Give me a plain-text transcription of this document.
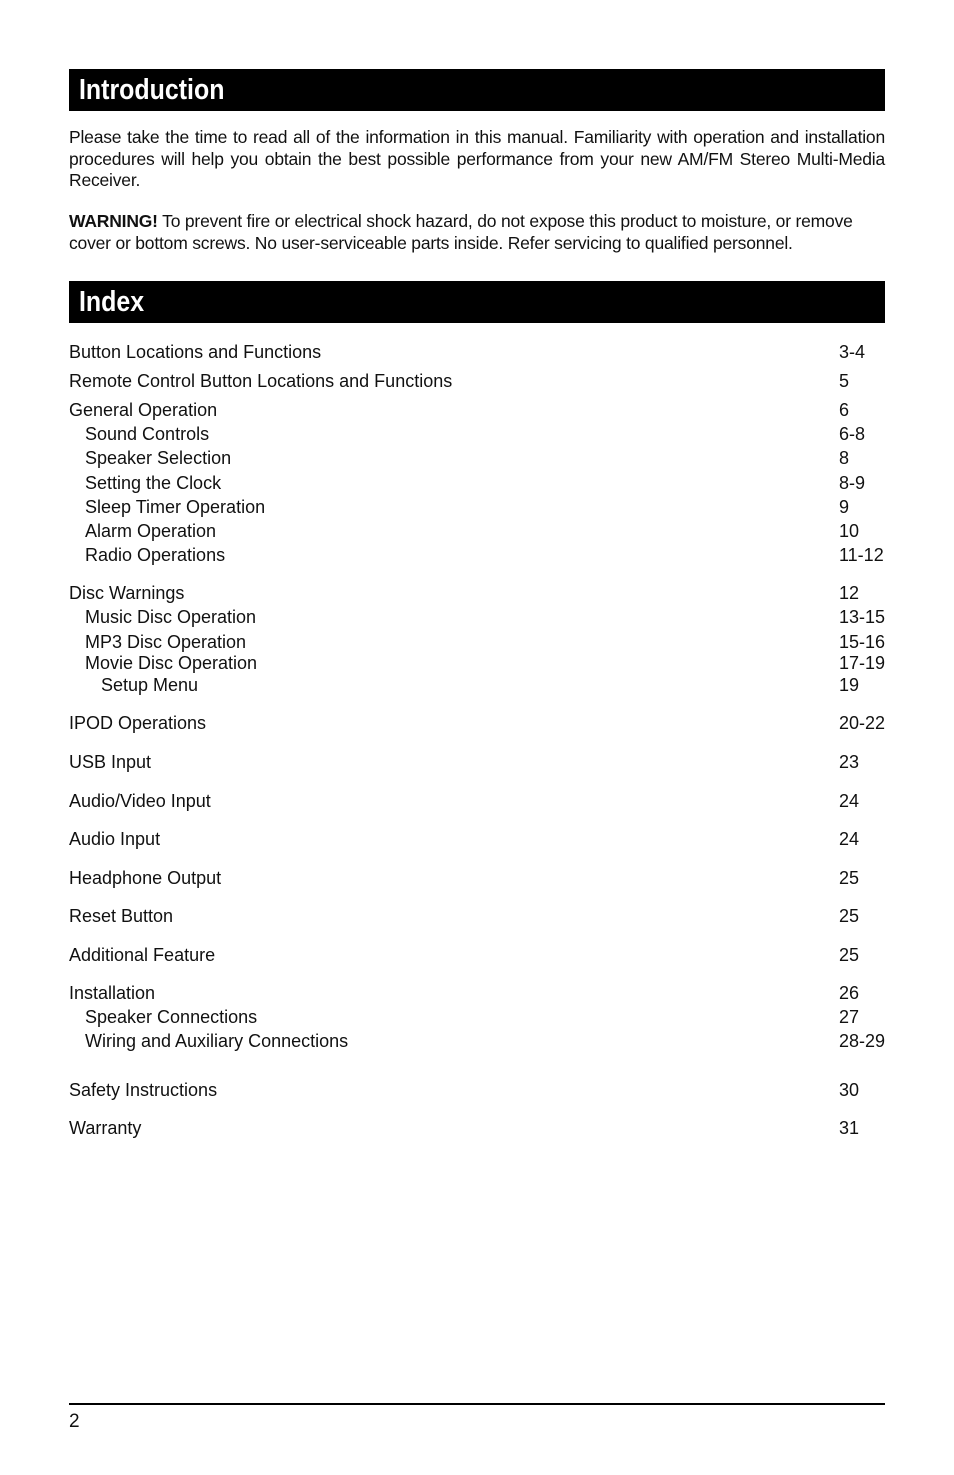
Introduction
Please take the time to read all of the information in this manual. Familiarity with operation and installation procedures will help you obtain the best possible performance from your new AM/FM Stereo Multi-Media Receiver.
WARNING! To prevent fire or electrical shock hazard, do not expose this product to moisture, or remove cover or bottom screws. No user-serviceable parts inside. Refer servicing to qualified personnel.
Index
Button Locations and Functions	3-4
Remote Control Button Locations and Functions	5
General Operation	6
Sound Controls	6-8
Speaker Selection	8
Setting the Clock	8-9
Sleep Timer Operation	9
Alarm Operation	10
Radio Operations	11-12
Disc Warnings	12
Music Disc Operation	13-15
MP3 Disc Operation	15-16
Movie Disc Operation	17-19
Setup Menu	19
IPOD Operations	20-22
USB Input	23
Audio/Video Input	24
Audio Input	24
Headphone Output	25
Reset Button	25
Additional Feature	25
Installation	26
Speaker Connections	27
Wiring and Auxiliary Connections	28-29
Safety Instructions	30
Warranty	31
2
